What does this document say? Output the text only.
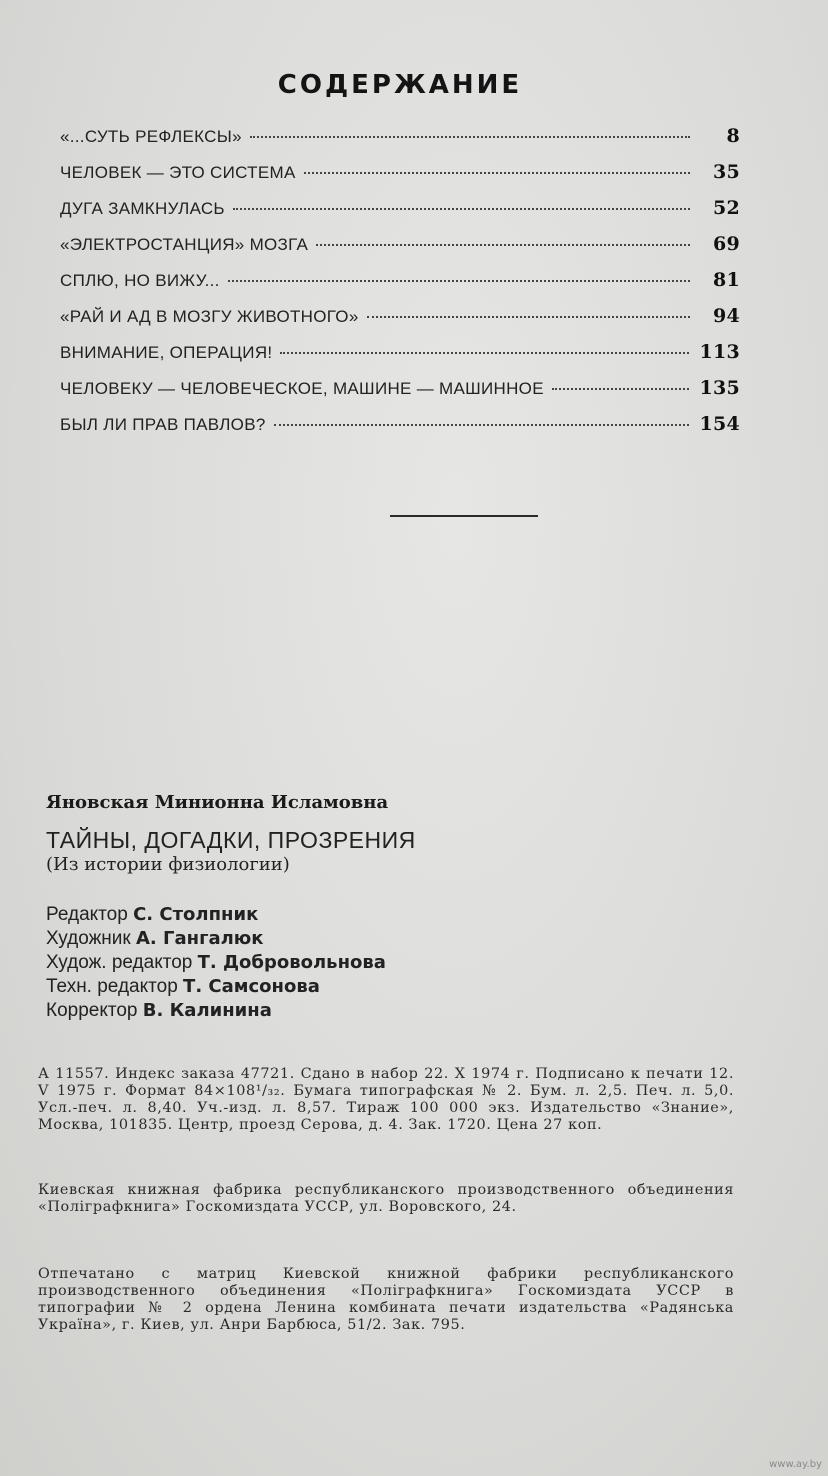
СОДЕРЖАНИЕ
«...СУТЬ РЕФЛЕКСЫ»	8
ЧЕЛОВЕК — ЭТО СИСТЕМА	35
ДУГА ЗАМКНУЛАСЬ	52
«ЭЛЕКТРОСТАНЦИЯ» МОЗГА	69
СПЛЮ, НО ВИЖУ...	81
«РАЙ И АД В МОЗГУ ЖИВОТНОГО»	94
ВНИМАНИЕ, ОПЕРАЦИЯ!	113
ЧЕЛОВЕКУ — ЧЕЛОВЕЧЕСКОЕ, МАШИНЕ — МАШИННОЕ	135
БЫЛ ЛИ ПРАВ ПАВЛОВ?	154
Яновская Минионна Исламовна
ТАЙНЫ, ДОГАДКИ, ПРОЗРЕНИЯ
(Из истории физиологии)
Редактор С. Столпник
Художник А. Гангалюк
Худож. редактор Т. Добровольнова
Техн. редактор Т. Самсонова
Корректор В. Калинина
А 11557. Индекс заказа 47721. Сдано в набор 22. X 1974 г. Подписано к печати 12. V 1975 г. Формат 84×108¹/₃₂. Бумага типографская № 2. Бум. л. 2,5. Печ. л. 5,0. Усл.-печ. л. 8,40. Уч.-изд. л. 8,57. Тираж 100 000 экз. Издательство «Знание», Москва, 101835. Центр, проезд Серова, д. 4. Зак. 1720. Цена 27 коп.
Киевская книжная фабрика республиканского производственного объединения «Поліграфкнига» Госкомиздата УССР, ул. Воровского, 24.
Отпечатано с матриц Киевской книжной фабрики республиканского производственного объединения «Поліграфкнига» Госкомиздата УССР в типографии № 2 ордена Ленина комбината печати издательства «Радянська Україна», г. Киев, ул. Анри Барбюса, 51/2. Зак. 795.
www.ay.by
